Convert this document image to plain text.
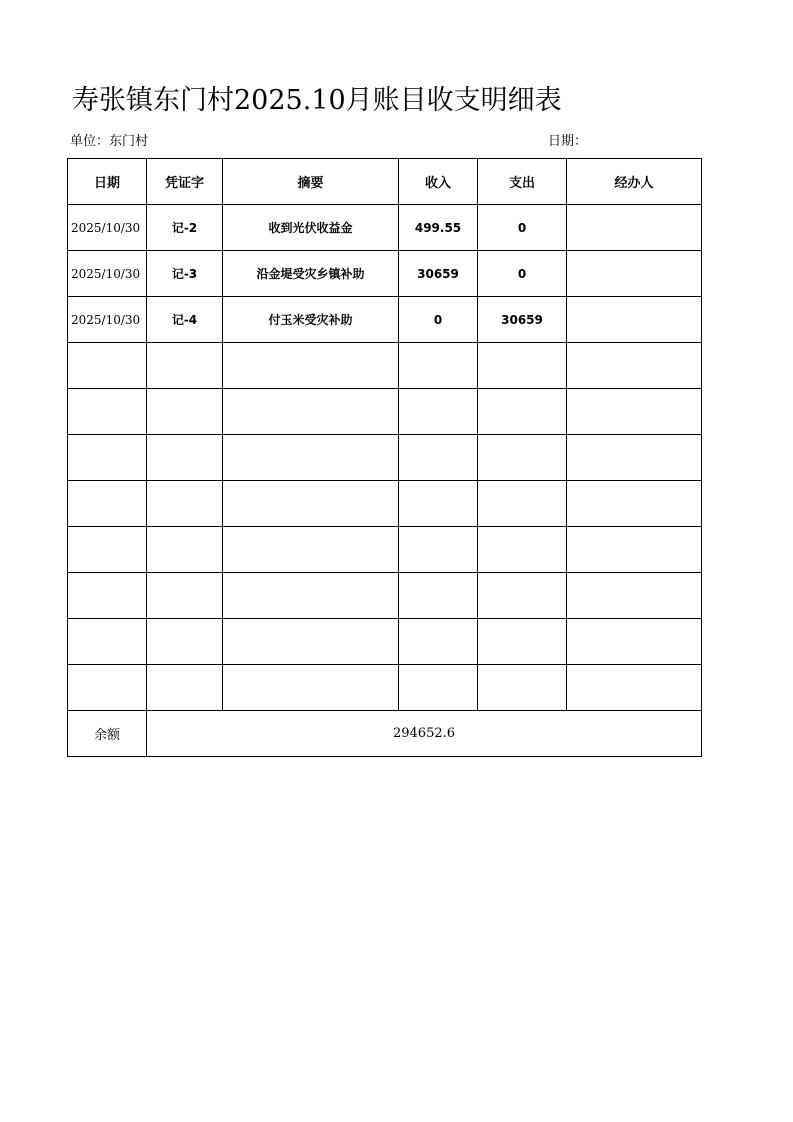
寿张镇东门村2025.10月账目收支明细表
单位：东门村	日期：
日期	凭证字	摘要	收入	支出	经办人
2025/10/30	记-2	收到光伏收益金	499.55	0	
2025/10/30	记-3	沿金堤受灾乡镇补助	30659	0	
2025/10/30	记-4	付玉米受灾补助	0	30659	

余额	294652.6				
